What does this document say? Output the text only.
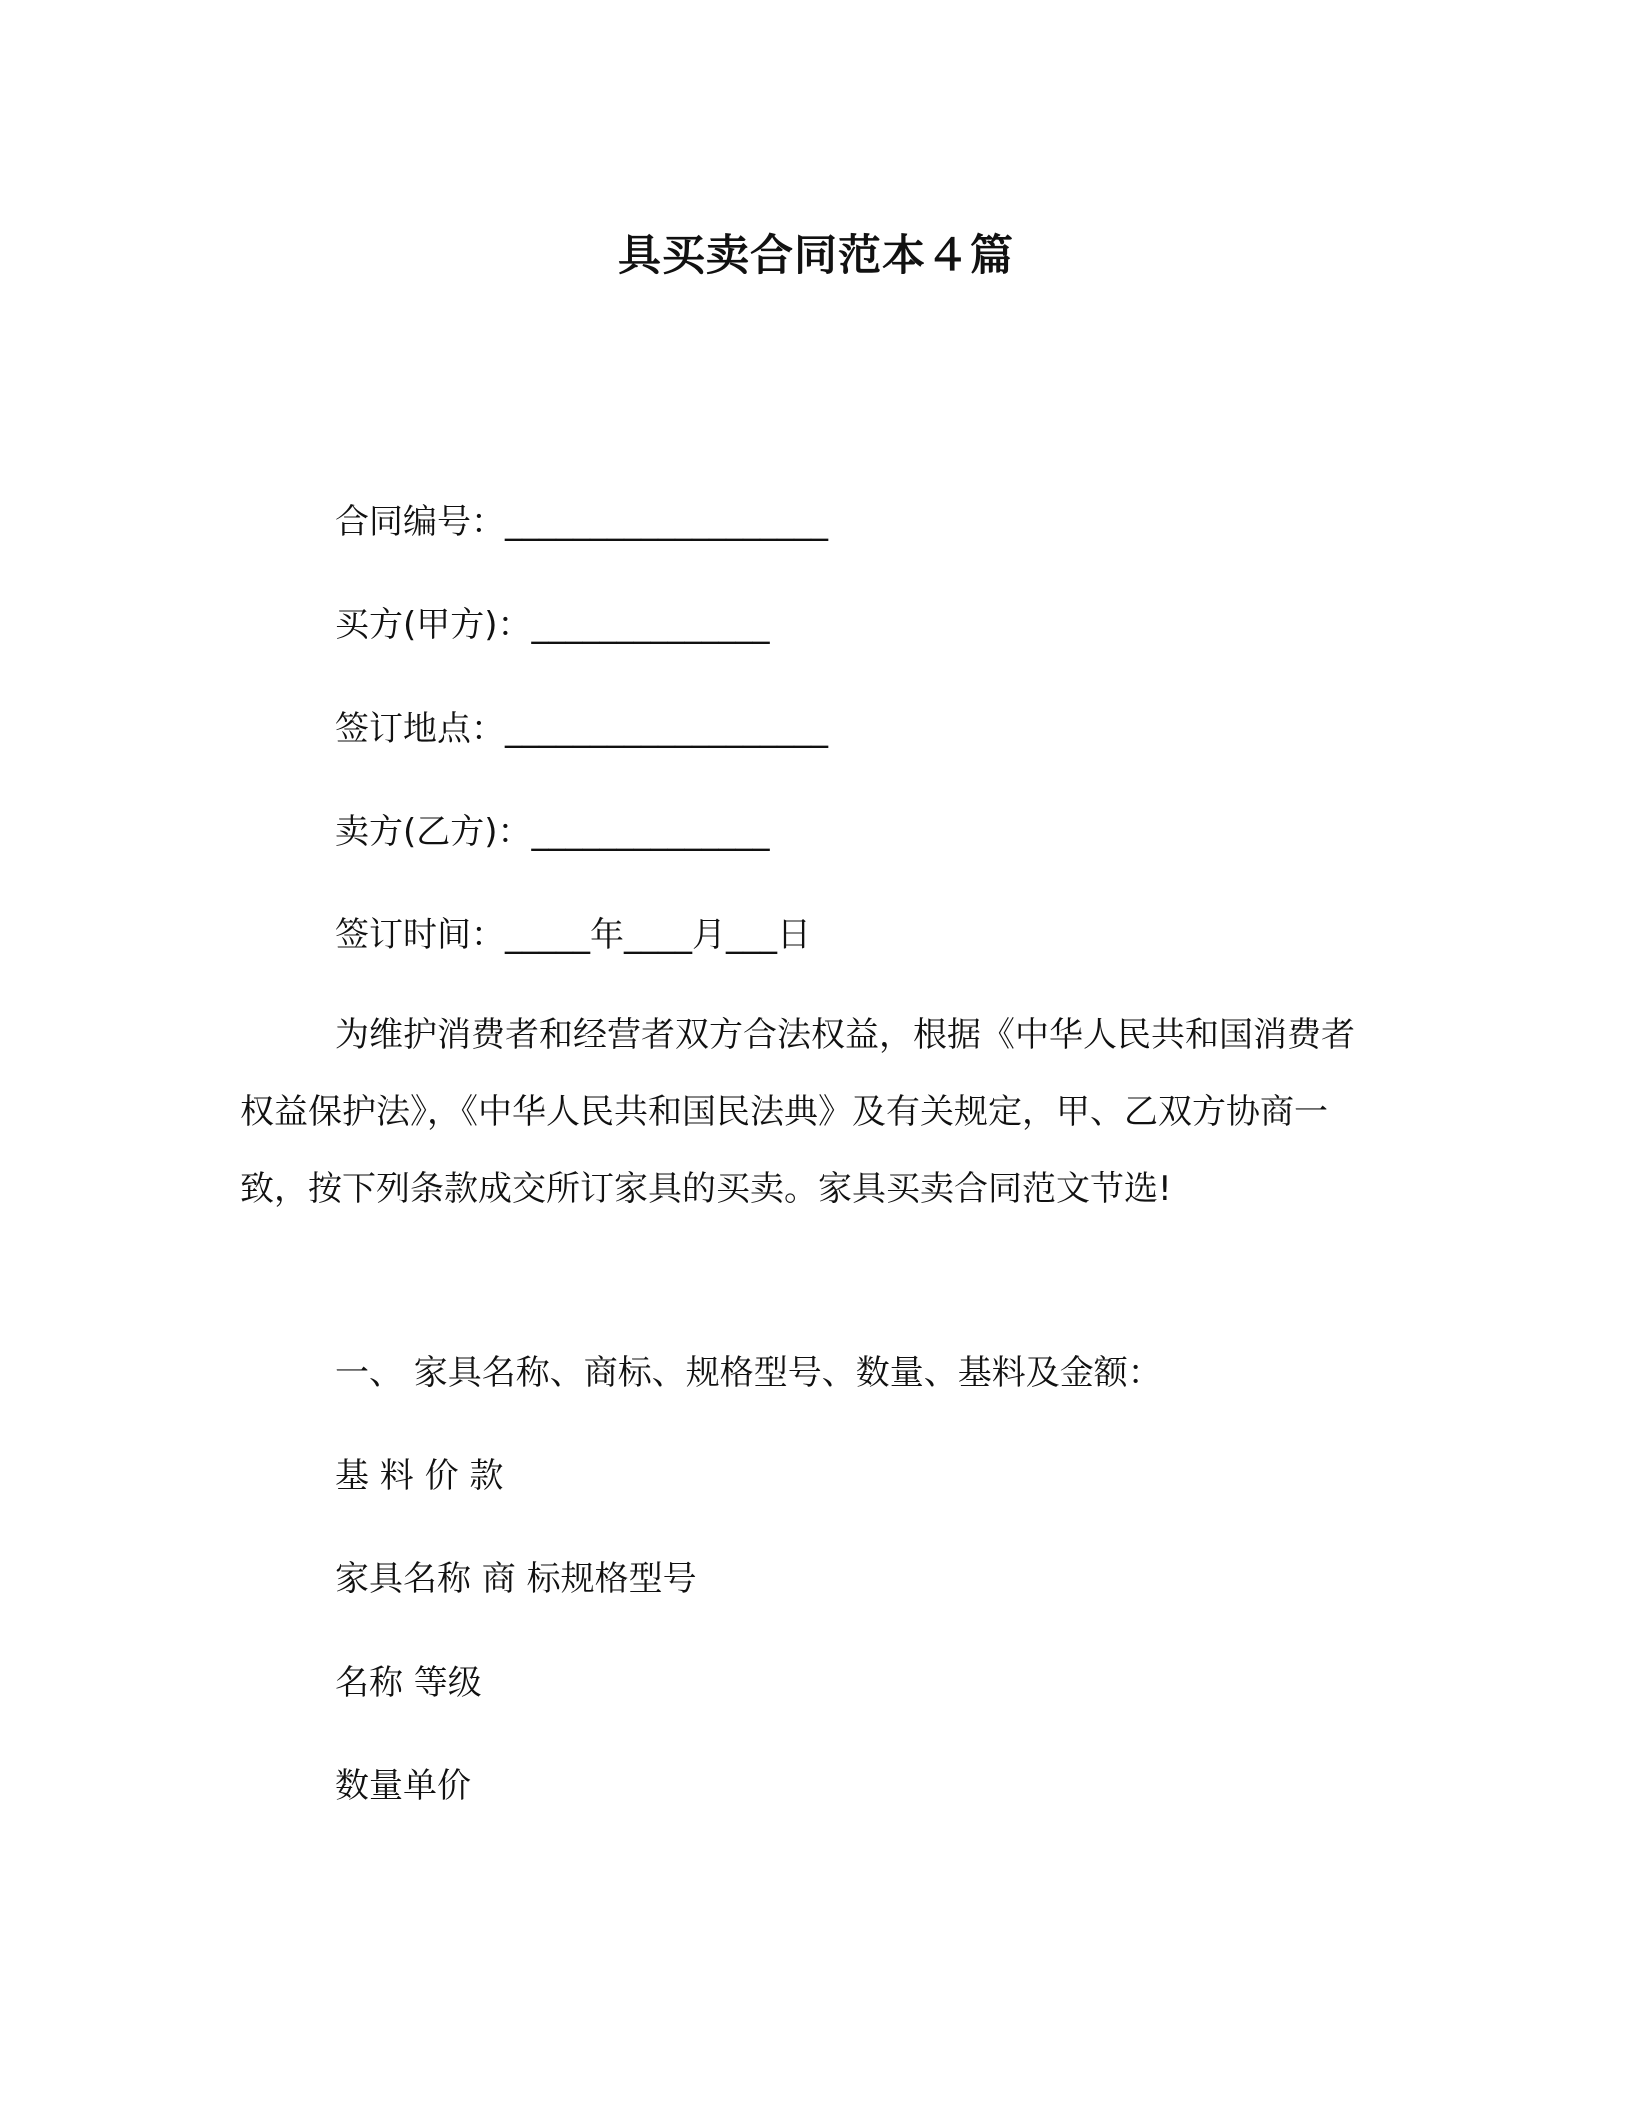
具买卖合同范本４篇
合同编号：___________________
买方(甲方)：______________
签订地点：___________________
卖方(乙方)：______________
签订时间：_____年____月___日
为维护消费者和经营者双方合法权益，根据《中华人民共和国消费者权益保护法》，《中华人民共和国民法典》及有关规定，甲、乙双方协商一致，按下列条款成交所订家具的买卖。家具买卖合同范文节选!
一、 家具名称、商标、规格型号、数量、基料及金额：
基 料 价 款
家具名称 商 标规格型号
名称 等级
数量单价
